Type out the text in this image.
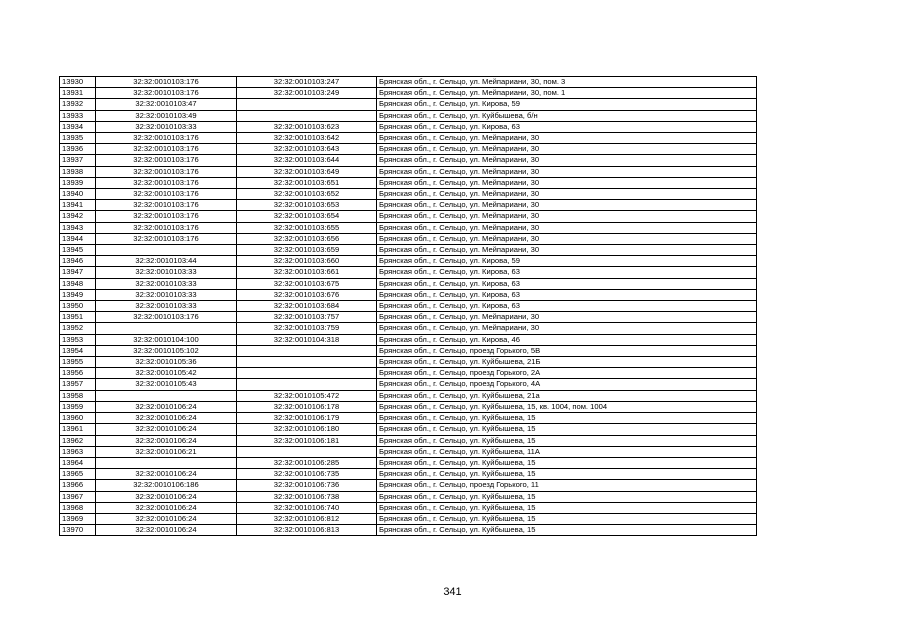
13930	32:32:0010103:176	32:32:0010103:247	Брянская обл., г. Сельцо, ул. Мейпариани, 30, пом. 3
13931	32:32:0010103:176	32:32:0010103:249	Брянская обл., г. Сельцо, ул. Мейпариани, 30, пом. 1
13932	32:32:0010103:47		Брянская обл., г. Сельцо, ул. Кирова, 59
13933	32:32:0010103:49		Брянская обл., г. Сельцо, ул. Куйбышева, б/н
13934	32:32:0010103:33	32:32:0010103:623	Брянская обл., г. Сельцо, ул. Кирова, 63
13935	32:32:0010103:176	32:32:0010103:642	Брянская обл., г. Сельцо, ул. Мейпариани, 30
13936	32:32:0010103:176	32:32:0010103:643	Брянская обл., г. Сельцо, ул. Мейпариани, 30
13937	32:32:0010103:176	32:32:0010103:644	Брянская обл., г. Сельцо, ул. Мейпариани, 30
13938	32:32:0010103:176	32:32:0010103:649	Брянская обл., г. Сельцо, ул. Мейпариани, 30
13939	32:32:0010103:176	32:32:0010103:651	Брянская обл., г. Сельцо, ул. Мейпариани, 30
13940	32:32:0010103:176	32:32:0010103:652	Брянская обл., г. Сельцо, ул. Мейпариани, 30
13941	32:32:0010103:176	32:32:0010103:653	Брянская обл., г. Сельцо, ул. Мейпариани, 30
13942	32:32:0010103:176	32:32:0010103:654	Брянская обл., г. Сельцо, ул. Мейпариани, 30
13943	32:32:0010103:176	32:32:0010103:655	Брянская обл., г. Сельцо, ул. Мейпариани, 30
13944	32:32:0010103:176	32:32:0010103:656	Брянская обл., г. Сельцо, ул. Мейпариани, 30
13945		32:32:0010103:659	Брянская обл., г. Сельцо, ул. Мейпариани, 30
13946	32:32:0010103:44	32:32:0010103:660	Брянская обл., г. Сельцо, ул. Кирова, 59
13947	32:32:0010103:33	32:32:0010103:661	Брянская обл., г. Сельцо, ул. Кирова, 63
13948	32:32:0010103:33	32:32:0010103:675	Брянская обл., г. Сельцо, ул. Кирова, 63
13949	32:32:0010103:33	32:32:0010103:676	Брянская обл., г. Сельцо, ул. Кирова, 63
13950	32:32:0010103:33	32:32:0010103:684	Брянская обл., г. Сельцо, ул. Кирова, 63
13951	32:32:0010103:176	32:32:0010103:757	Брянская обл., г. Сельцо, ул. Мейпариани, 30
13952		32:32:0010103:759	Брянская обл., г. Сельцо, ул. Мейпариани, 30
13953	32:32:0010104:100	32:32:0010104:318	Брянская обл., г. Сельцо, ул. Кирова, 46
13954	32:32:0010105:102		Брянская обл., г. Сельцо, проезд Горького, 5В
13955	32:32:0010105:36		Брянская обл., г. Сельцо, ул. Куйбышева, 21Б
13956	32:32:0010105:42		Брянская обл., г. Сельцо, проезд Горького, 2А
13957	32:32:0010105:43		Брянская обл., г. Сельцо, проезд Горького, 4А
13958		32:32:0010105:472	Брянская обл., г. Сельцо, ул. Куйбышева, 21а
13959	32:32:0010106:24	32:32:0010106:178	Брянская обл., г. Сельцо, ул. Куйбышева, 15, кв. 1004, пом. 1004
13960	32:32:0010106:24	32:32:0010106:179	Брянская обл., г. Сельцо, ул. Куйбышева, 15
13961	32:32:0010106:24	32:32:0010106:180	Брянская обл., г. Сельцо, ул. Куйбышева, 15
13962	32:32:0010106:24	32:32:0010106:181	Брянская обл., г. Сельцо, ул. Куйбышева, 15
13963	32:32:0010106:21		Брянская обл., г. Сельцо, ул. Куйбышева, 11А
13964		32:32:0010106:285	Брянская обл., г. Сельцо, ул. Куйбышева, 15
13965	32:32:0010106:24	32:32:0010106:735	Брянская обл., г. Сельцо, ул. Куйбышева, 15
13966	32:32:0010106:186	32:32:0010106:736	Брянская обл., г. Сельцо, проезд Горького, 11
13967	32:32:0010106:24	32:32:0010106:738	Брянская обл., г. Сельцо, ул. Куйбышева, 15
13968	32:32:0010106:24	32:32:0010106:740	Брянская обл., г. Сельцо, ул. Куйбышева, 15
13969	32:32:0010106:24	32:32:0010106:812	Брянская обл., г. Сельцо, ул. Куйбышева, 15
13970	32:32:0010106:24	32:32:0010106:813	Брянская обл., г. Сельцо, ул. Куйбышева, 15
341
